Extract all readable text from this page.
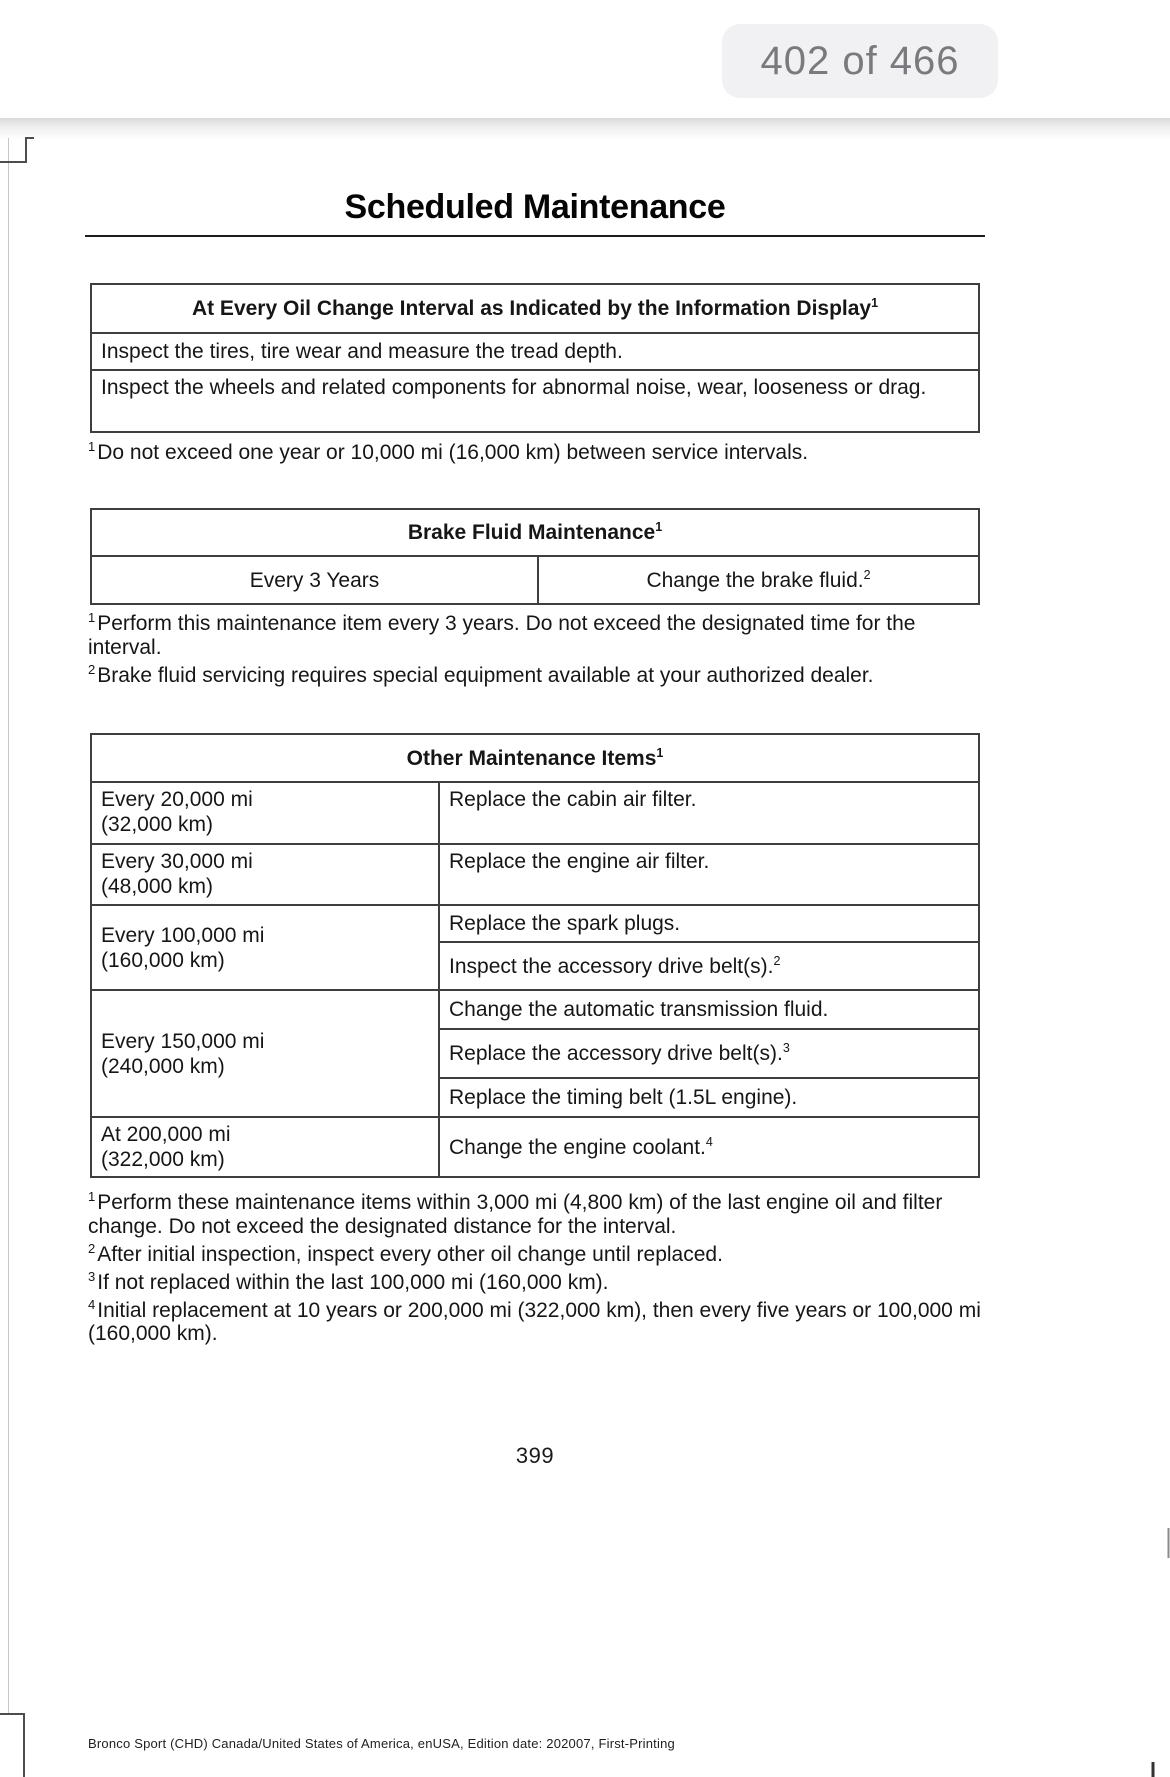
402 of 466
Scheduled Maintenance
At Every Oil Change Interval as Indicated by the Information Display$^1$
Inspect the tires, tire wear and measure the tread depth.
Inspect the wheels and related components for abnormal noise, wear, looseness or drag.

$^1$Do not exceed one year or 10,000 mi (16,000 km) between service intervals.

Brake Fluid Maintenance$^1$
Every 3 Years	Change the brake fluid.$^2$

$^1$Perform this maintenance item every 3 years. Do not exceed the designated time for the interval.

$^2$Brake fluid servicing requires special equipment available at your authorized dealer.

Other Maintenance Items$^1$

Every 20,000 mi
(32,000 km)	Replace the cabin air filter.

Every 30,000 mi
(48,000 km)	Replace the engine air filter.

Every 100,000 mi
(160,000 km)	Replace the spark plugs.
	Inspect the accessory drive belt(s).$^2$

Every 150,000 mi
(240,000 km)	Change the automatic transmission fluid.
	Replace the accessory drive belt(s).$^3$
	Replace the timing belt (1.5L engine).

At 200,000 mi
(322,000 km)	Change the engine coolant.$^4$

$^1$Perform these maintenance items within 3,000 mi (4,800 km) of the last engine oil and filter change. Do not exceed the designated distance for the interval.

$^2$After initial inspection, inspect every other oil change until replaced.

$^3$If not replaced within the last 100,000 mi (160,000 km).

$^4$Initial replacement at 10 years or 200,000 mi (322,000 km), then every five years or 100,000 mi (160,000 km).

399
Bronco Sport (CHD) Canada/United States of America, enUSA, Edition date: 202007, First-Printing
